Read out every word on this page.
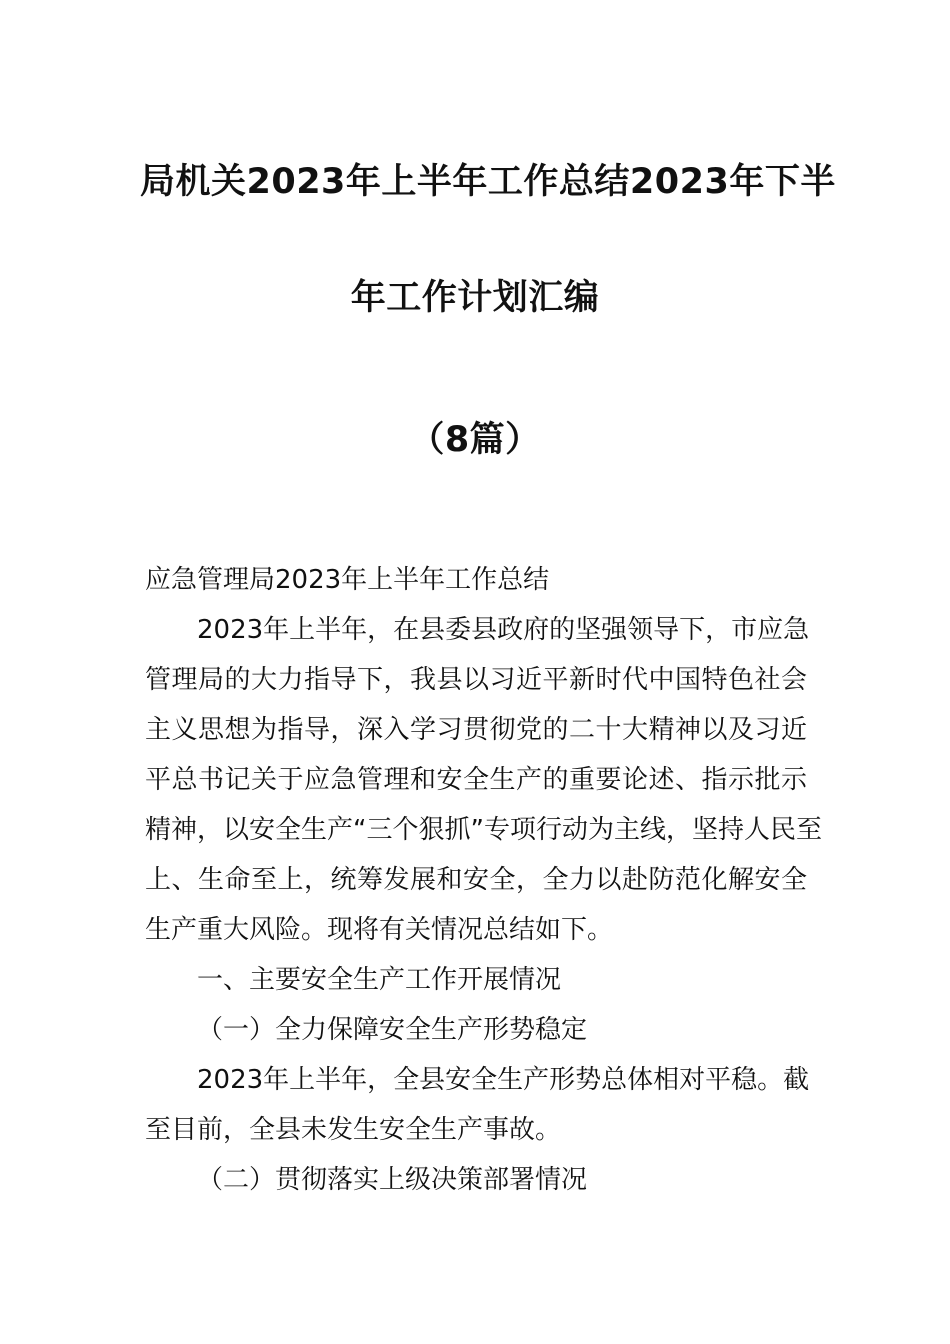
局机关2023年上半年工作总结2023年下半
年工作计划汇编
（8篇）
应急管理局2023年上半年工作总结
2023年上半年，在县委县政府的坚强领导下，市应急
管理局的大力指导下，我县以习近平新时代中国特色社会
主义思想为指导，深入学习贯彻党的二十大精神以及习近
平总书记关于应急管理和安全生产的重要论述、指示批示
精神，以安全生产“三个狠抓”专项行动为主线，坚持人民至
上、生命至上，统筹发展和安全，全力以赴防范化解安全
生产重大风险。现将有关情况总结如下。
一、主要安全生产工作开展情况
（一）全力保障安全生产形势稳定
2023年上半年，全县安全生产形势总体相对平稳。截
至目前，全县未发生安全生产事故。
（二）贯彻落实上级决策部署情况
